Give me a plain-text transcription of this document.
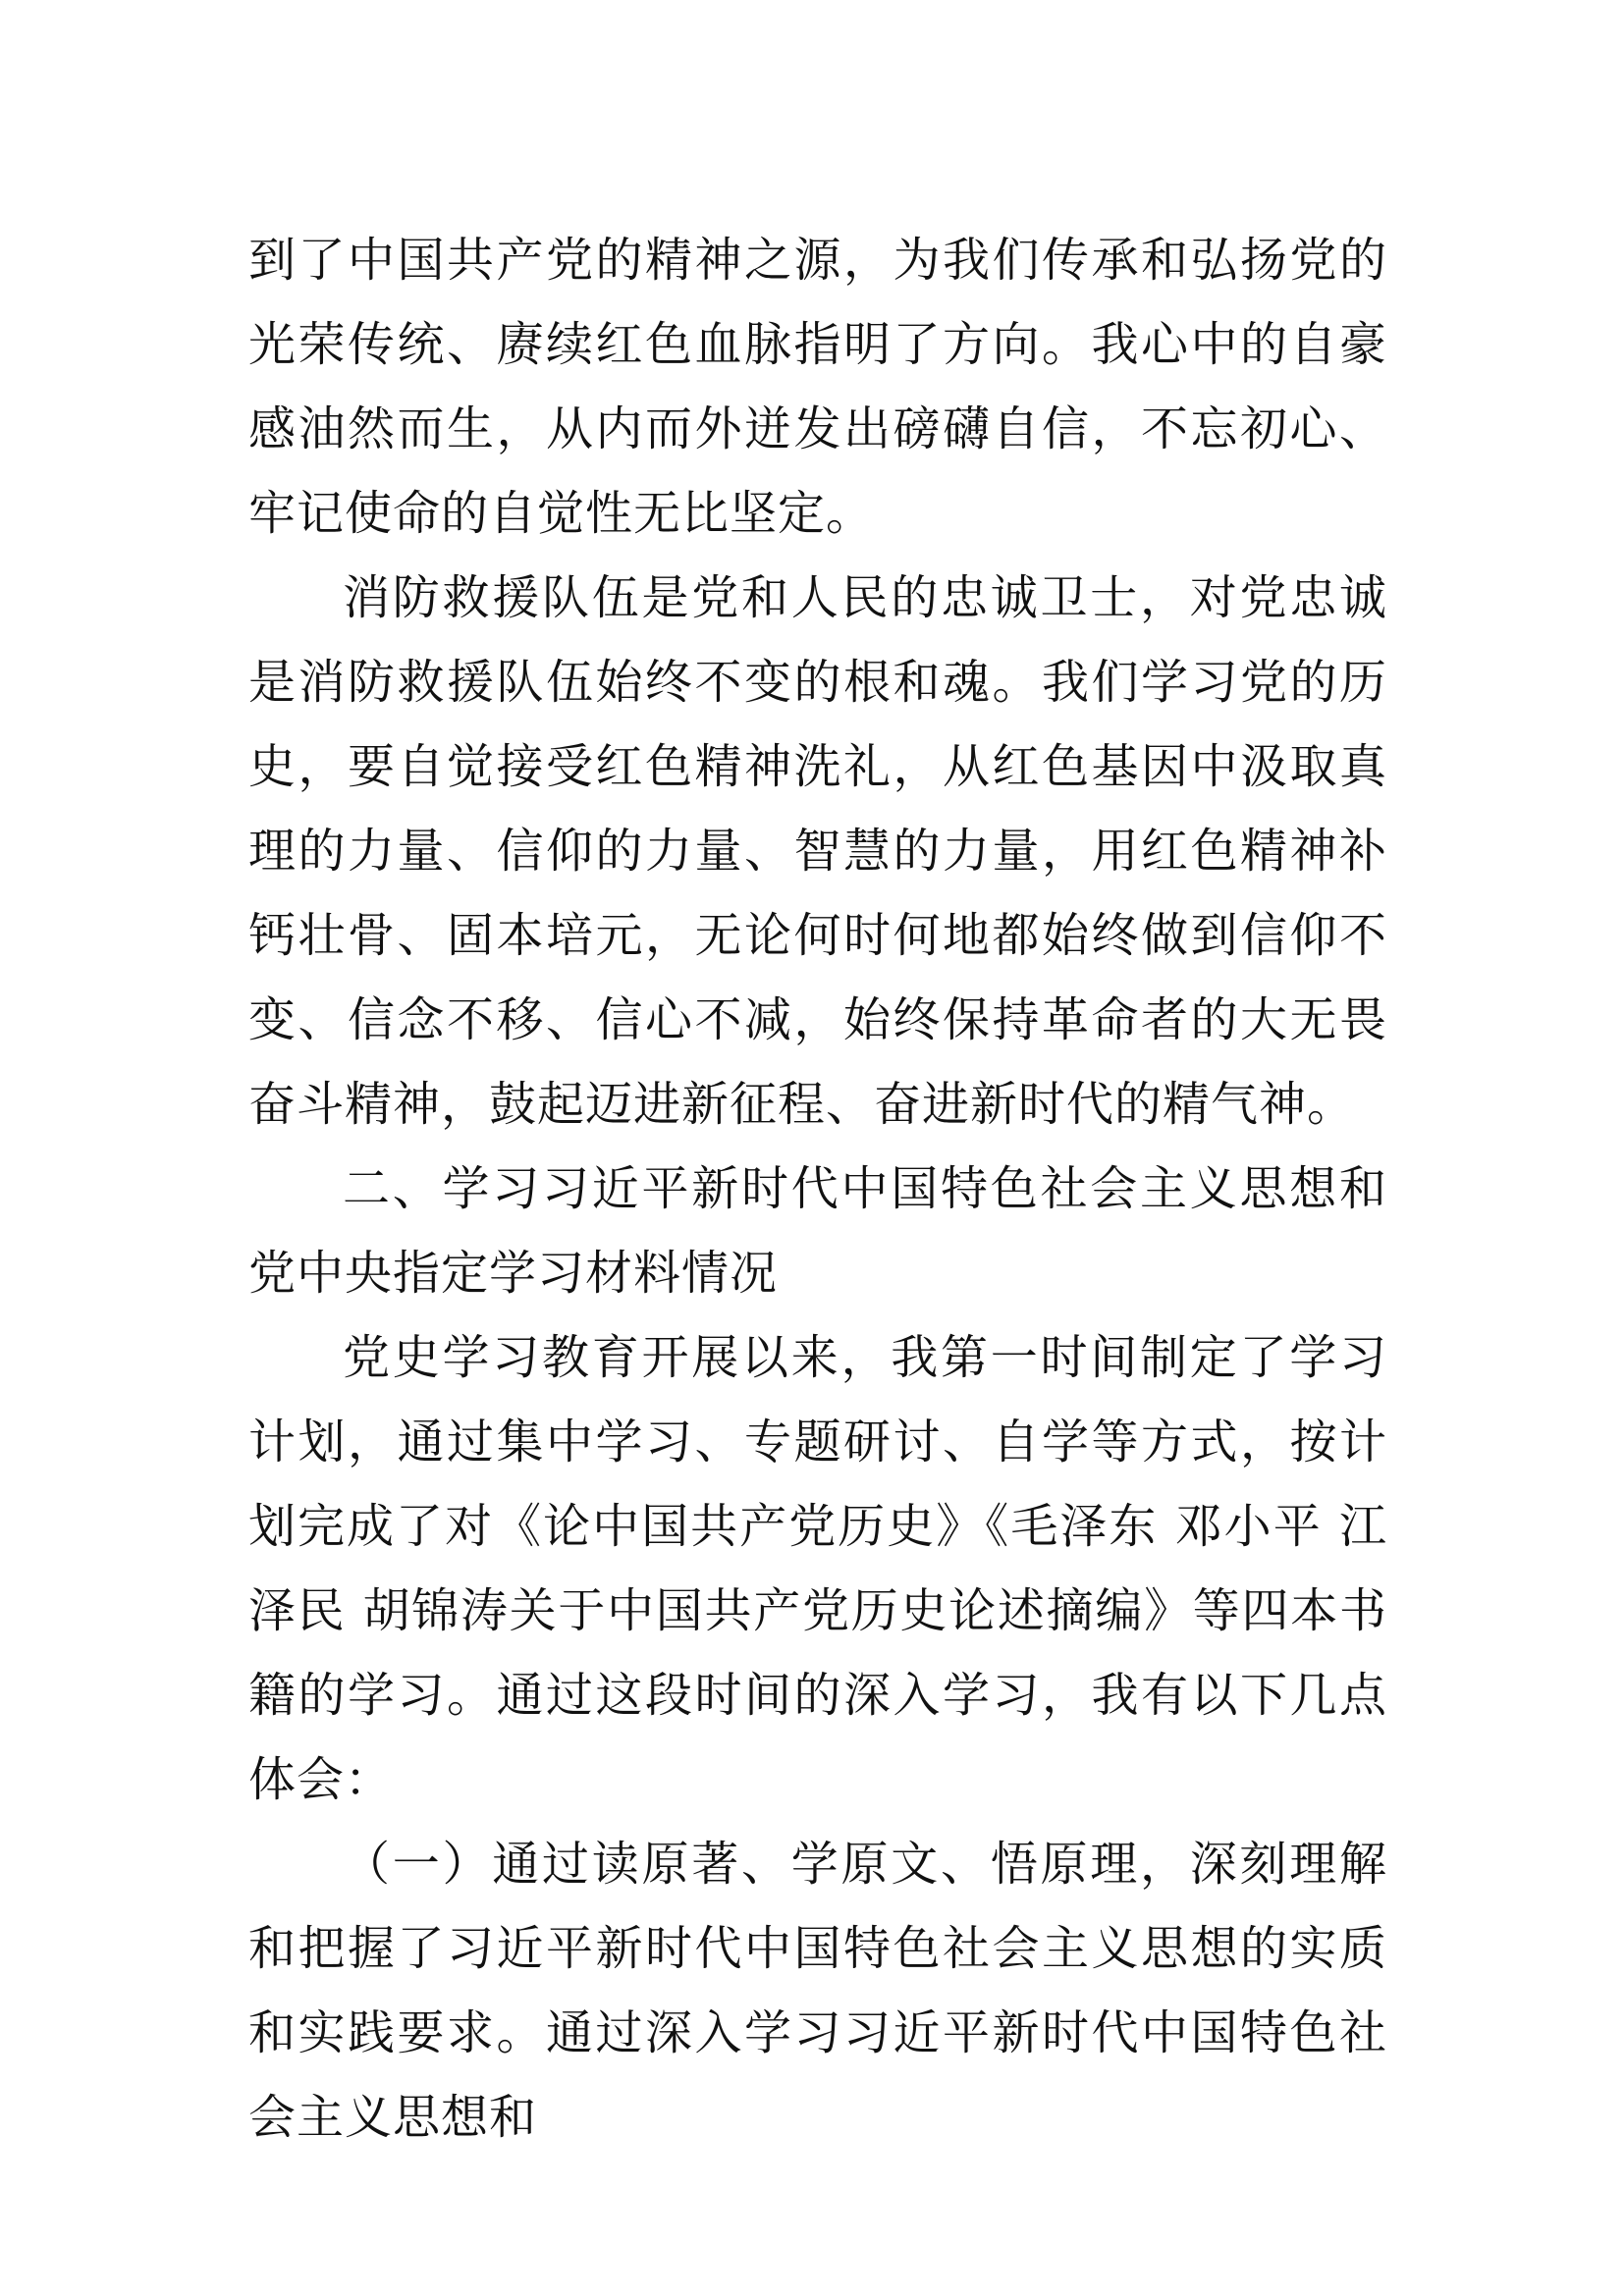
到了中国共产党的精神之源，为我们传承和弘扬党的光荣传统、赓续红色血脉指明了方向。我心中的自豪感油然而生，从内而外迸发出磅礴自信，不忘初心、牢记使命的自觉性无比坚定。

消防救援队伍是党和人民的忠诚卫士，对党忠诚是消防救援队伍始终不变的根和魂。我们学习党的历史，要自觉接受红色精神洗礼，从红色基因中汲取真理的力量、信仰的力量、智慧的力量，用红色精神补钙壮骨、固本培元，无论何时何地都始终做到信仰不变、信念不移、信心不减，始终保持革命者的大无畏奋斗精神，鼓起迈进新征程、奋进新时代的精气神。

二、学习习近平新时代中国特色社会主义思想和党中央指定学习材料情况

党史学习教育开展以来，我第一时间制定了学习计划，通过集中学习、专题研讨、自学等方式，按计划完成了对《论中国共产党历史》《毛泽东 邓小平 江泽民 胡锦涛关于中国共产党历史论述摘编》等四本书籍的学习。通过这段时间的深入学习，我有以下几点体会：

（一）通过读原著、学原文、悟原理，深刻理解和把握了习近平新时代中国特色社会主义思想的实质和实践要求。通过深入学习习近平新时代中国特色社会主义思想和
